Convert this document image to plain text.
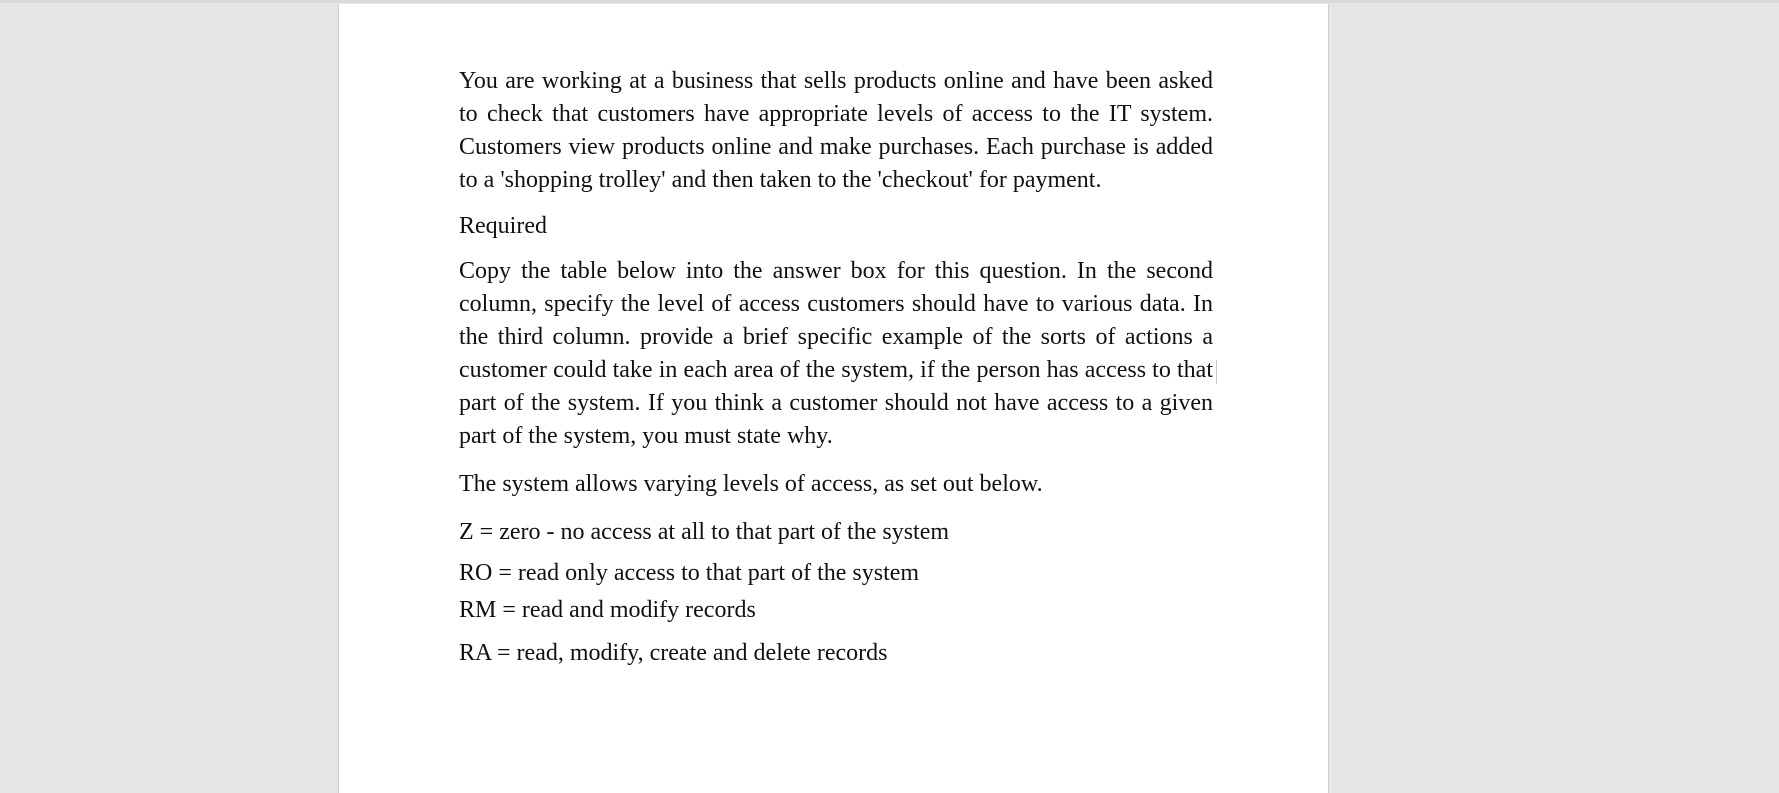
You are working at a business that sells products online and have been asked to check that customers have appropriate levels of access to the IT system. Customers view products online and make purchases. Each purchase is added to a 'shopping trolley' and then taken to the 'checkout' for payment.

Required

Copy the table below into the answer box for this question. In the second column, specify the level of access customers should have to various data. In the third column. provide a brief specific example of the sorts of actions a customer could take in each area of the system, if the person has access to that part of the system. If you think a customer should not have access to a given part of the system, you must state why.

The system allows varying levels of access, as set out below.

Z = zero - no access at all to that part of the system

RO = read only access to that part of the system

RM = read and modify records

RA = read, modify, create and delete records
